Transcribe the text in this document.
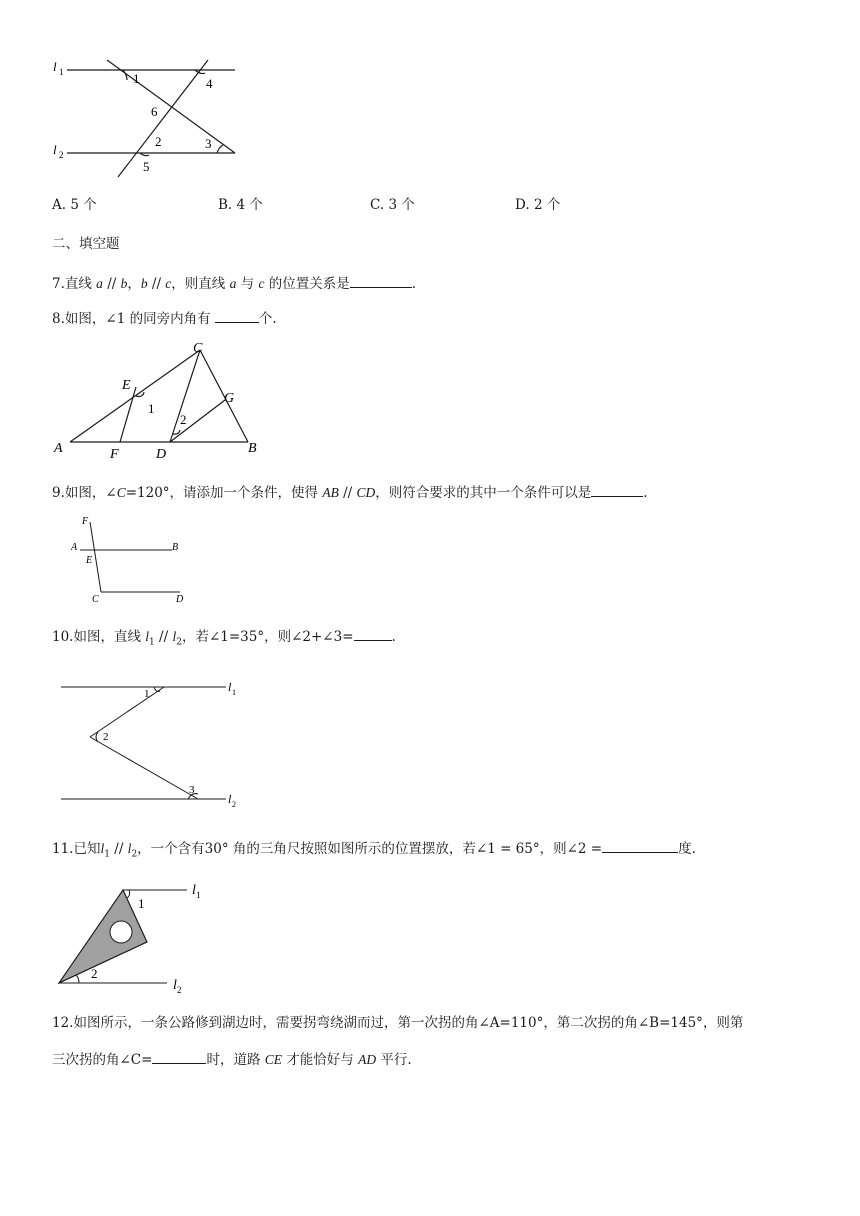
l 1
l 2
1
2	3
4
5
6
A. 5 个	B. 4 个	C. 3 个	D. 2 个
二、填空题
7.直线 a // b，b // c，则直线 a 与 c 的位置关系是	.
8.如图，∠1 的同旁内角有	个.
A	B
C
D
E
F
G
1
2
9.如图，∠C=120°，请添加一个条件，使得 AB // CD，则符合要求的其中一个条件可以是	.
F
A	B
E
C	D
10.如图，直线 $l_1 // l_2$，若∠1=35°，则∠2+∠3=	.
1
2
3
l 1
l 2
11.已知$l_1 // l_2$，一个含有30° 角的三角尺按照如图所示的位置摆放，若∠1 = 65°，则∠2 =	度.
1
2
l 1
l 2
12.如图所示，一条公路修到湖边时，需要拐弯绕湖而过，第一次拐的角∠A=110°，第二次拐的角∠B=145°，则第
三次拐的角∠C=	时，道路 CE 才能恰好与 AD 平行.
